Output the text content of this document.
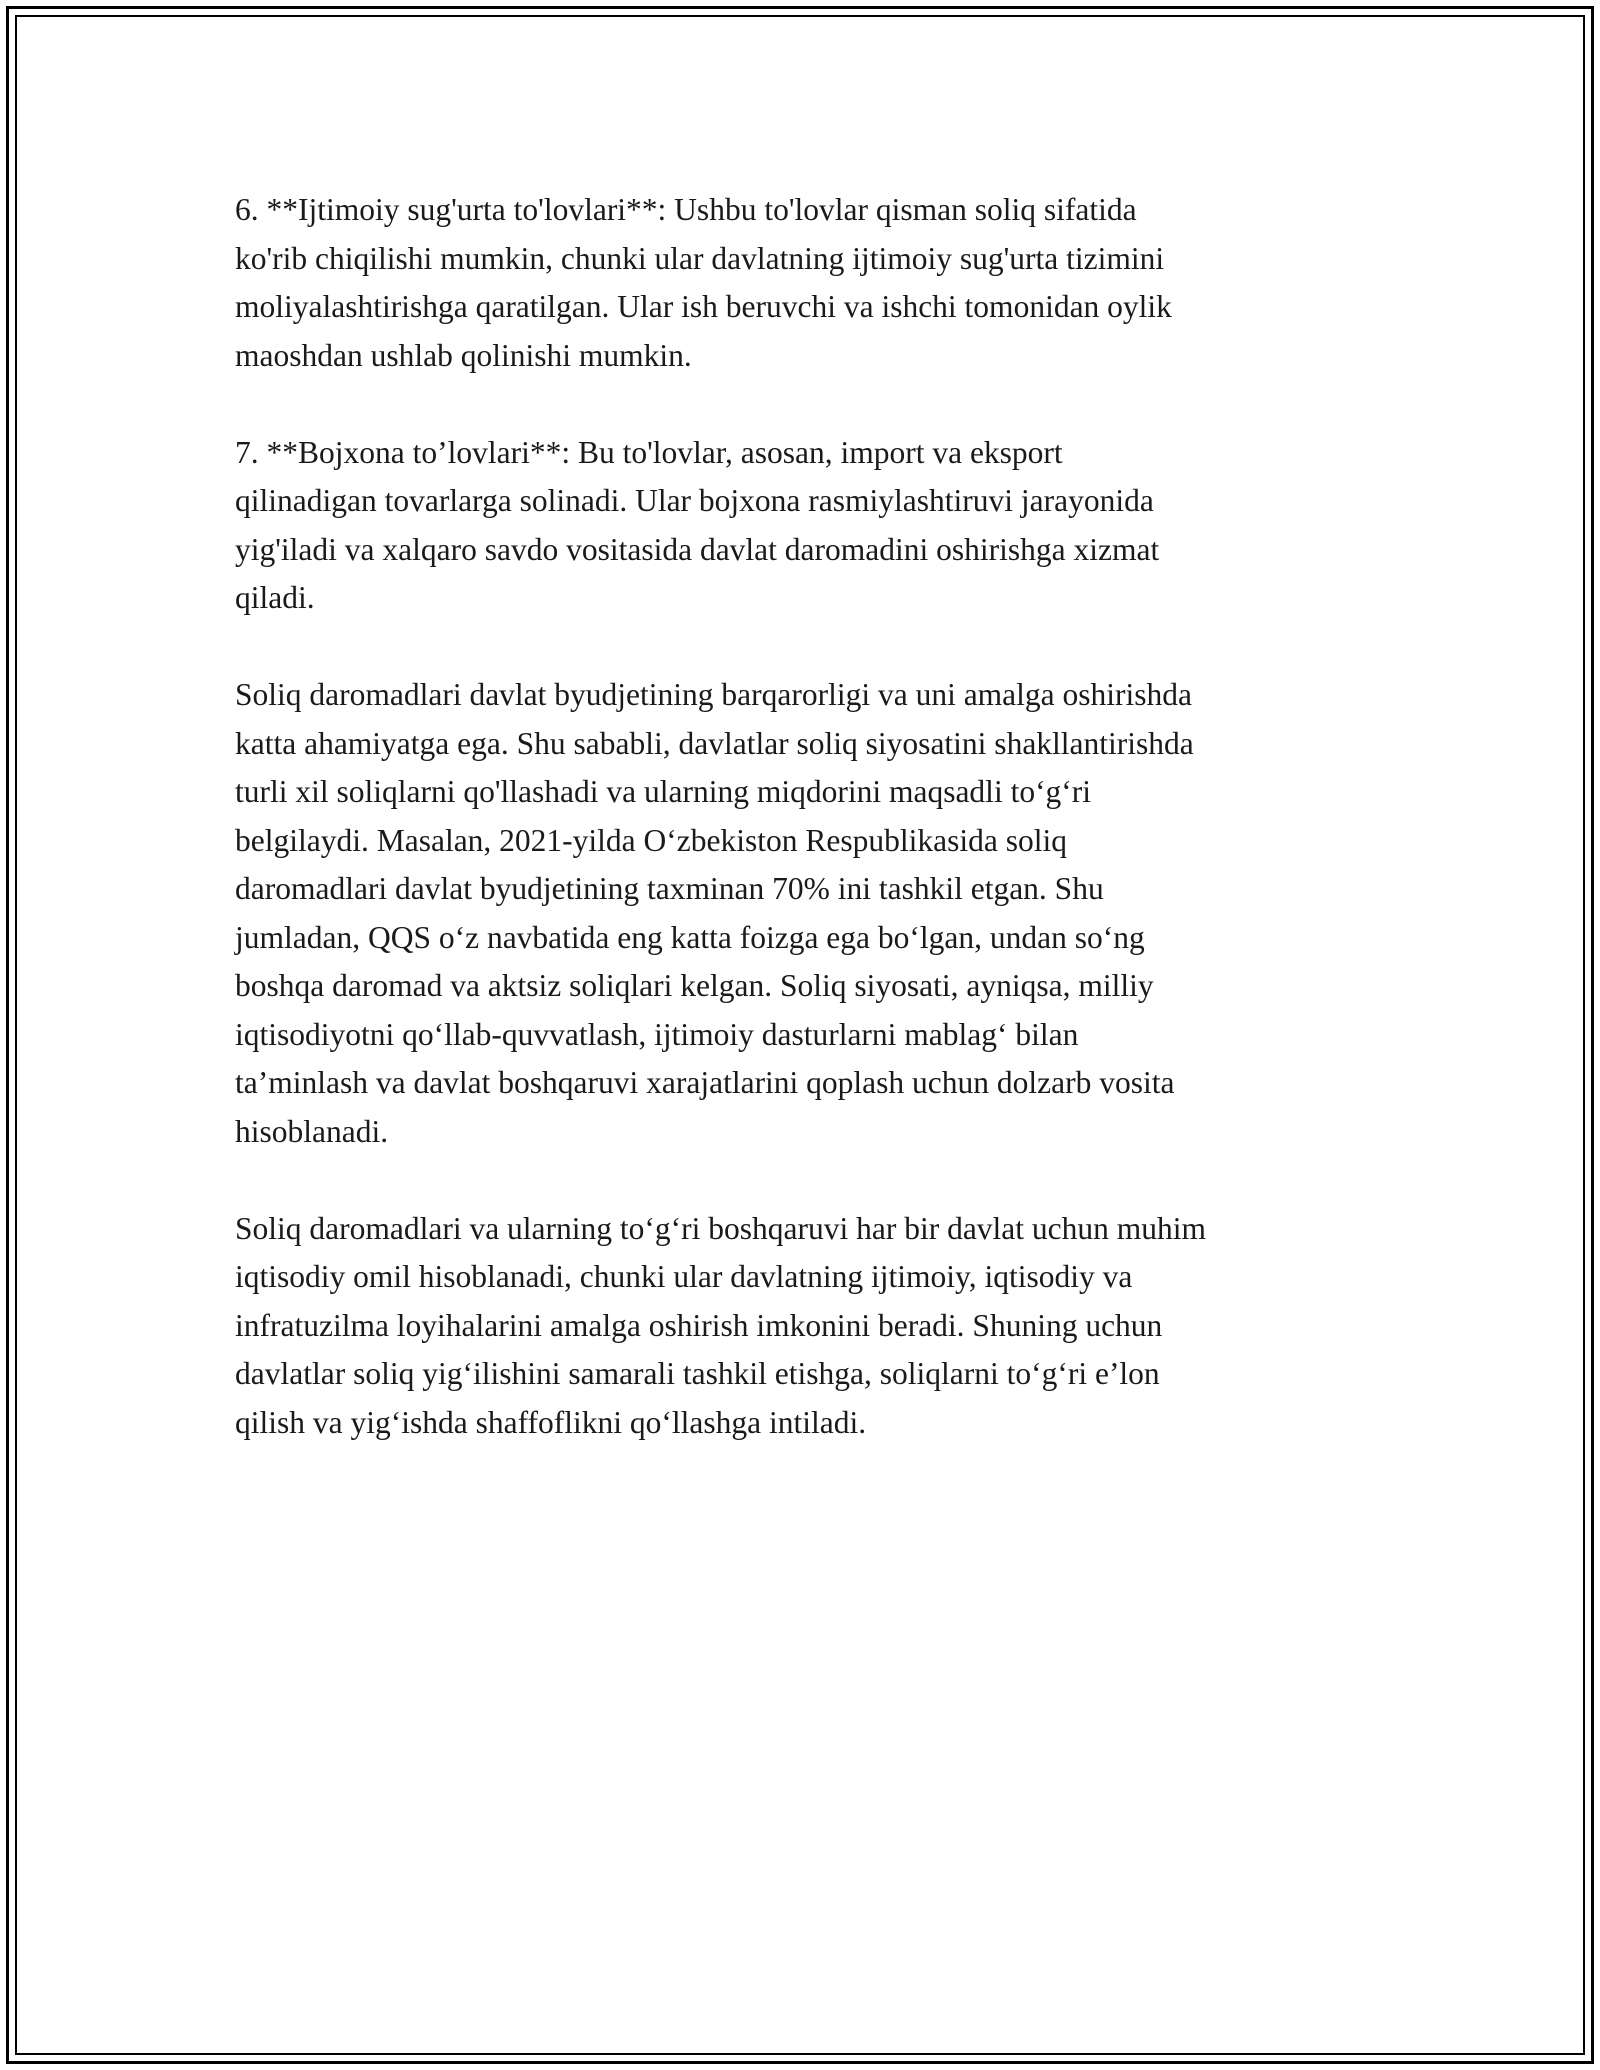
6. **Ijtimoiy sug'urta to'lovlari**: Ushbu to'lovlar qisman soliq sifatida
ko'rib chiqilishi mumkin, chunki ular davlatning ijtimoiy sug'urta tizimini
moliyalashtirishga qaratilgan. Ular ish beruvchi va ishchi tomonidan oylik
maoshdan ushlab qolinishi mumkin.

7. **Bojxona to’lovlari**: Bu to'lovlar, asosan, import va eksport
qilinadigan tovarlarga solinadi. Ular bojxona rasmiylashtiruvi jarayonida
yig'iladi va xalqaro savdo vositasida davlat daromadini oshirishga xizmat
qiladi.

Soliq daromadlari davlat byudjetining barqarorligi va uni amalga oshirishda
katta ahamiyatga ega. Shu sababli, davlatlar soliq siyosatini shakllantirishda
turli xil soliqlarni qo'llashadi va ularning miqdorini maqsadli to‘g‘ri
belgilaydi. Masalan, 2021-yilda O‘zbekiston Respublikasida soliq
daromadlari davlat byudjetining taxminan 70% ini tashkil etgan. Shu
jumladan, QQS o‘z navbatida eng katta foizga ega bo‘lgan, undan so‘ng
boshqa daromad va aktsiz soliqlari kelgan. Soliq siyosati, ayniqsa, milliy
iqtisodiyotni qo‘llab-quvvatlash, ijtimoiy dasturlarni mablag‘ bilan
ta’minlash va davlat boshqaruvi xarajatlarini qoplash uchun dolzarb vosita
hisoblanadi.

Soliq daromadlari va ularning to‘g‘ri boshqaruvi har bir davlat uchun muhim
iqtisodiy omil hisoblanadi, chunki ular davlatning ijtimoiy, iqtisodiy va
infratuzilma loyihalarini amalga oshirish imkonini beradi. Shuning uchun
davlatlar soliq yig‘ilishini samarali tashkil etishga, soliqlarni to‘g‘ri e’lon
qilish va yig‘ishda shaffoflikni qo‘llashga intiladi.
